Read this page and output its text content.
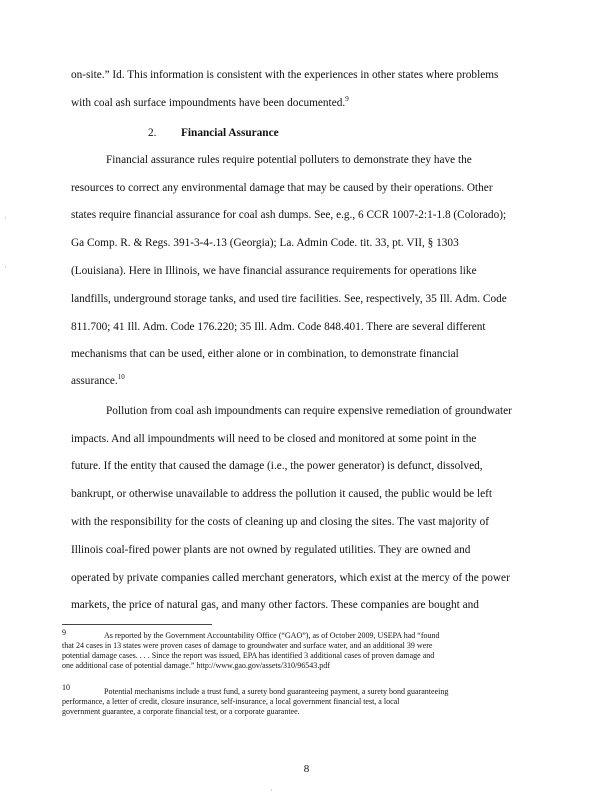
on-site.” Id. This information is consistent with the experiences in other states where problems
with coal ash surface impoundments have been documented.$^9$
2. Financial Assurance
Financial assurance rules require potential polluters to demonstrate they have the
resources to correct any environmental damage that may be caused by their operations. Other
states require financial assurance for coal ash dumps. See, e.g., 6 CCR 1007-2:1-1.8 (Colorado);
Ga Comp. R. & Regs. 391-3-4-.13 (Georgia); La. Admin Code. tit. 33, pt. VII, § 1303
(Louisiana). Here in Illinois, we have financial assurance requirements for operations like
landfills, underground storage tanks, and used tire facilities. See, respectively, 35 Ill. Adm. Code
811.700; 41 Ill. Adm. Code 176.220; 35 Ill. Adm. Code 848.401. There are several different
mechanisms that can be used, either alone or in combination, to demonstrate financial
assurance.$^{10}$
Pollution from coal ash impoundments can require expensive remediation of groundwater
impacts. And all impoundments will need to be closed and monitored at some point in the
future. If the entity that caused the damage (i.e., the power generator) is defunct, dissolved,
bankrupt, or otherwise unavailable to address the pollution it caused, the public would be left
with the responsibility for the costs of cleaning up and closing the sites. The vast majority of
Illinois coal-fired power plants are not owned by regulated utilities. They are owned and
operated by private companies called merchant generators, which exist at the mercy of the power
markets, the price of natural gas, and many other factors. These companies are bought and
9	As reported by the Government Accountability Office (“GAO”), as of October 2009, USEPA had “found
that 24 cases in 13 states were proven cases of damage to groundwater and surface water, and an additional 39 were
potential damage cases. . . . Since the report was issued, EPA has identified 3 additional cases of proven damage and
one additional case of potential damage.” http://www.gao.gov/assets/310/96543.pdf
10	Potential mechanisms include a trust fund, a surety bond guaranteeing payment, a surety bond guaranteeing
performance, a letter of credit, closure insurance, self-insurance, a local government financial test, a local
government guarantee, a corporate financial test, or a corporate guarantee.
8
·
·
·
